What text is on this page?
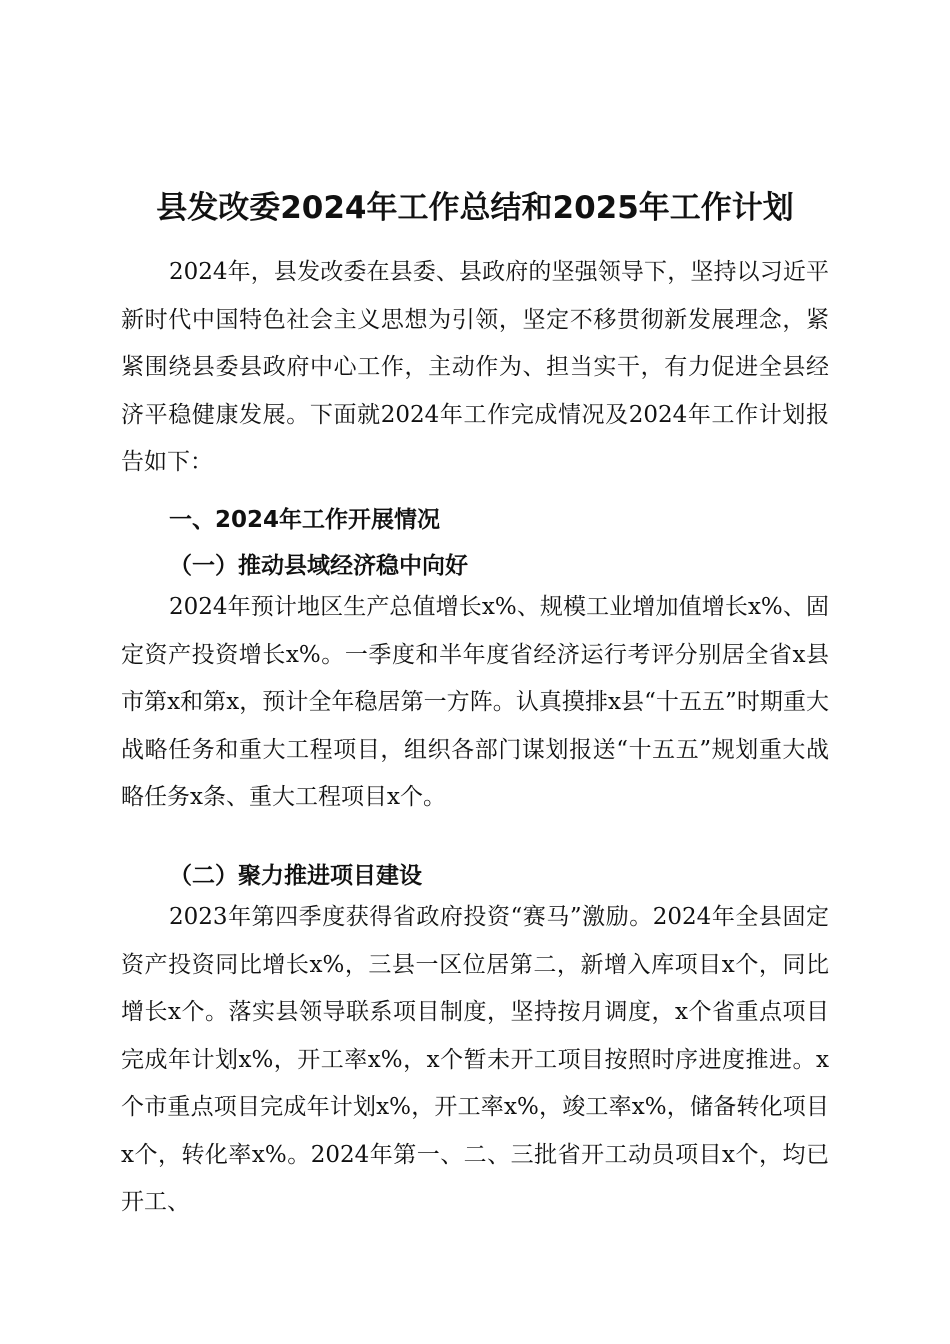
县发改委2024年工作总结和2025年工作计划

2024年，县发改委在县委、县政府的坚强领导下，坚持以习近平新时代中国特色社会主义思想为引领，坚定不移贯彻新发展理念，紧紧围绕县委县政府中心工作，主动作为、担当实干，有力促进全县经济平稳健康发展。下面就2024年工作完成情况及2024年工作计划报告如下：

一、2024年工作开展情况
（一）推动县域经济稳中向好

2024年预计地区生产总值增长x%、规模工业增加值增长x%、固定资产投资增长x%。一季度和半年度省经济运行考评分别居全省x县市第x和第x，预计全年稳居第一方阵。认真摸排x县“十五五”时期重大战略任务和重大工程项目，组织各部门谋划报送“十五五”规划重大战略任务x条、重大工程项目x个。

（二）聚力推进项目建设

2023年第四季度获得省政府投资“赛马”激励。2024年全县固定资产投资同比增长x%，三县一区位居第二，新增入库项目x个，同比增长x个。落实县领导联系项目制度，坚持按月调度，x个省重点项目完成年计划x%，开工率x%，x个暂未开工项目按照时序进度推进。x个市重点项目完成年计划x%，开工率x%，竣工率x%，储备转化项目x个，转化率x%。2024年第一、二、三批省开工动员项目x个，均已开工、
